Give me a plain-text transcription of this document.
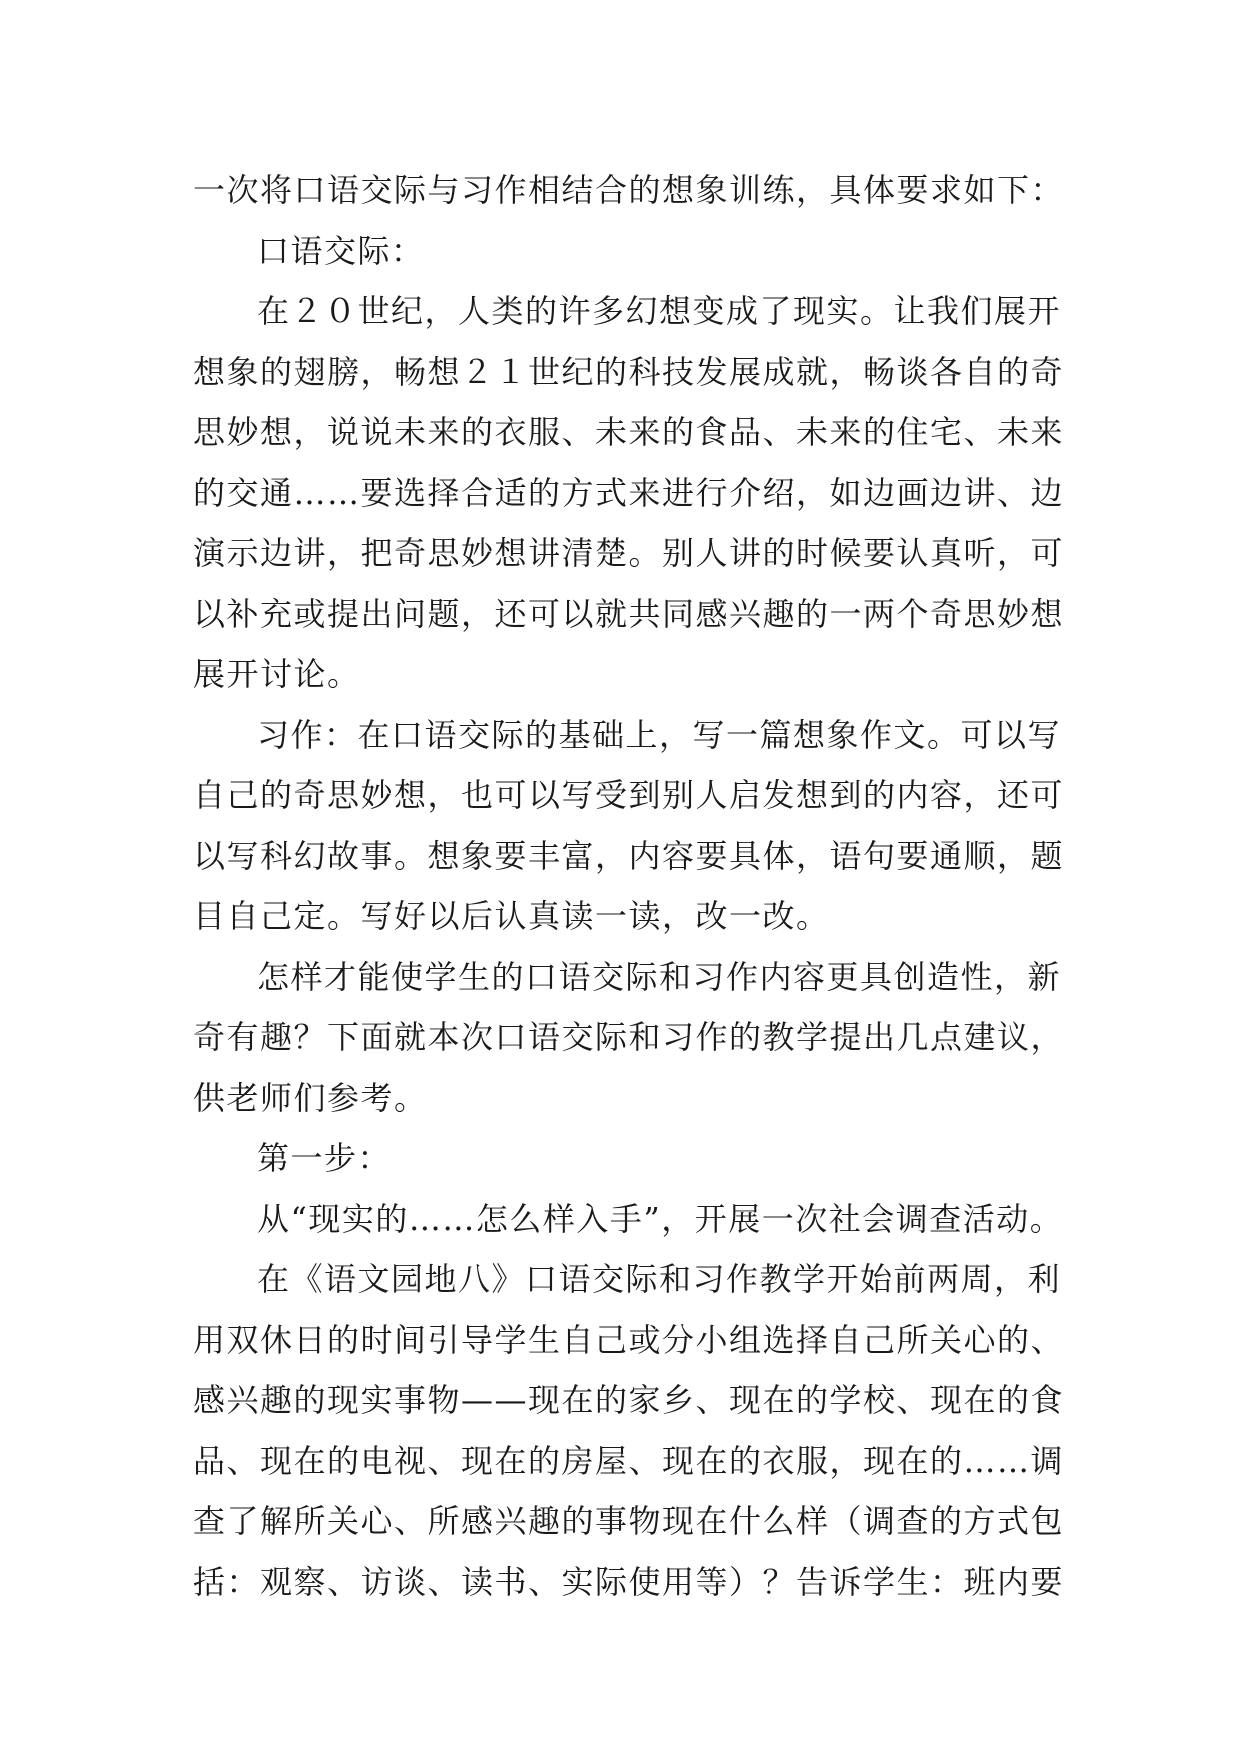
一次将口语交际与习作相结合的想象训练，具体要求如下：
口语交际：
在２０世纪，人类的许多幻想变成了现实。让我们展开
想象的翅膀，畅想２１世纪的科技发展成就，畅谈各自的奇
思妙想，说说未来的衣服、未来的食品、未来的住宅、未来
的交通……要选择合适的方式来进行介绍，如边画边讲、边
演示边讲，把奇思妙想讲清楚。别人讲的时候要认真听，可
以补充或提出问题，还可以就共同感兴趣的一两个奇思妙想
展开讨论。
习作：在口语交际的基础上，写一篇想象作文。可以写
自己的奇思妙想，也可以写受到别人启发想到的内容，还可
以写科幻故事。想象要丰富，内容要具体，语句要通顺，题
目自己定。写好以后认真读一读，改一改。
怎样才能使学生的口语交际和习作内容更具创造性，新
奇有趣？下面就本次口语交际和习作的教学提出几点建议，
供老师们参考。
第一步：
从“现实的……怎么样入手”，开展一次社会调查活动。
在《语文园地八》口语交际和习作教学开始前两周，利
用双休日的时间引导学生自己或分小组选择自己所关心的、
感兴趣的现实事物——现在的家乡、现在的学校、现在的食
品、现在的电视、现在的房屋、现在的衣服，现在的……调
查了解所关心、所感兴趣的事物现在什么样（调查的方式包
括：观察、访谈、读书、实际使用等）？告诉学生：班内要
